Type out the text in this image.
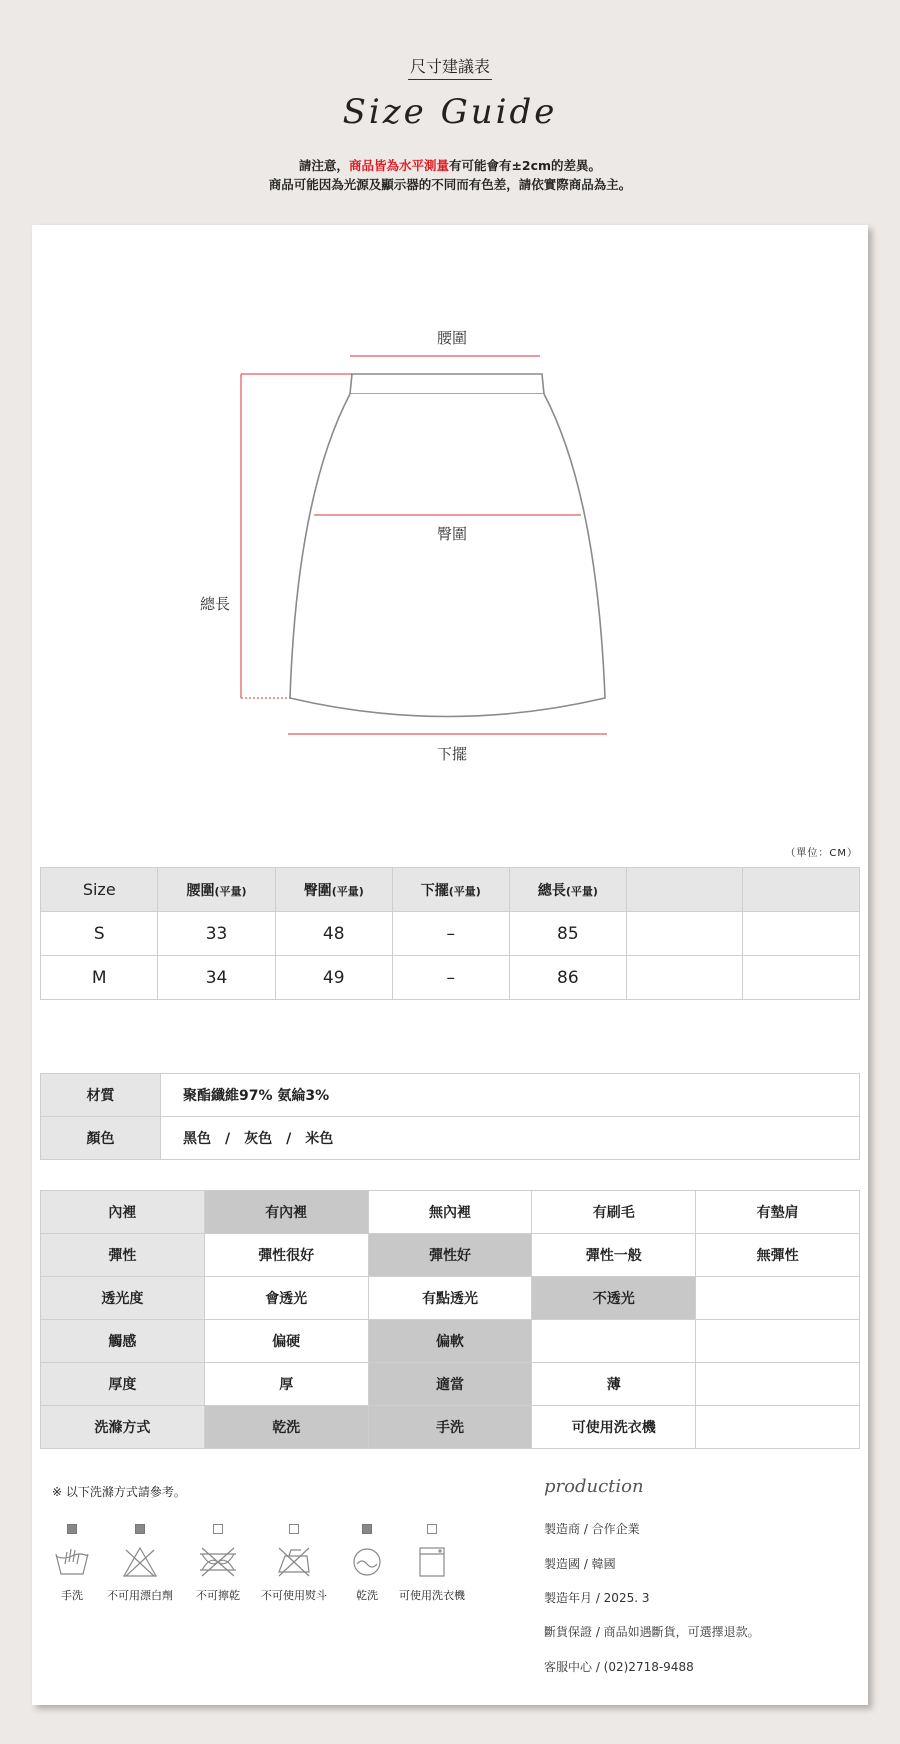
尺寸建議表
Size Guide
請注意，商品皆為水平測量有可能會有±2cm的差異。
商品可能因為光源及顯示器的不同而有色差，請依實際商品為主。
腰圍
臀圍
總長
下擺
（單位：CM）
Size	腰圍(平量)	臀圍(平量)	下擺(平量)	總長(平量)		
S	33	48	–	85		
M	34	49	–	86		
材質	聚酯纖維97% 氨綸3%
顏色	黑色　/　灰色　/　米色
內裡	有內裡	無內裡	有刷毛	有墊肩
彈性	彈性很好	彈性好	彈性一般	無彈性
透光度	會透光	有點透光	不透光	
觸感	偏硬	偏軟		
厚度	厚	適當	薄	
洗滌方式	乾洗	手洗	可使用洗衣機	
※ 以下洗滌方式請參考。
手洗	不可用漂白劑	不可擰乾	不可使用熨斗	乾洗	可使用洗衣機
production
製造商 / 合作企業
製造國 / 韓國
製造年月 / 2025. 3
斷貨保證 / 商品如遇斷貨，可選擇退款。
客服中心 / (02)2718-9488
